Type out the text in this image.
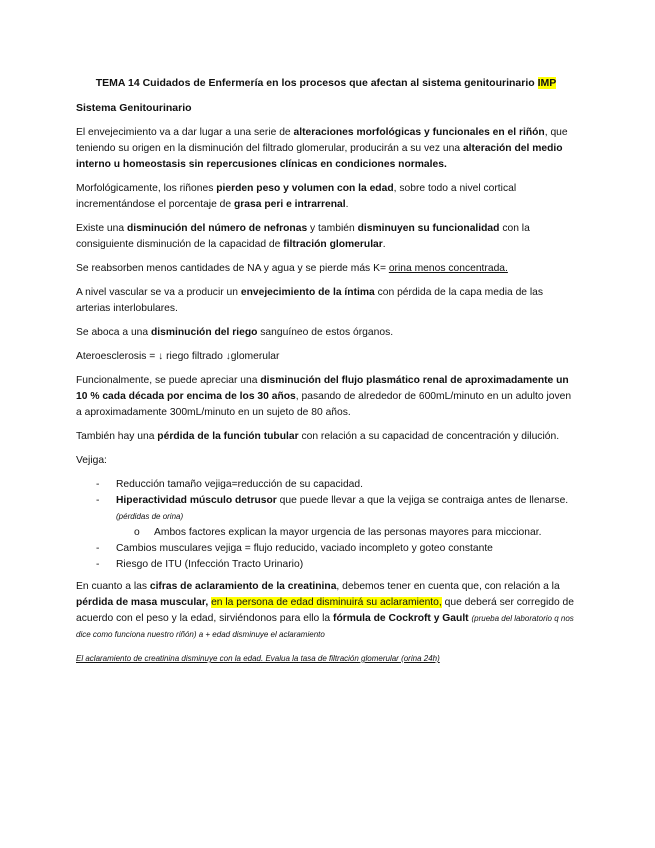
TEMA 14 Cuidados de Enfermería en los procesos que afectan al sistema genitourinario IMP
Sistema Genitourinario

El envejecimiento va a dar lugar a una serie de alteraciones morfológicas y funcionales en el riñón, que teniendo su origen en la disminución del filtrado glomerular, producirán a su vez una alteración del medio interno u homeostasis sin repercusiones clínicas en condiciones normales.

Morfológicamente, los riñones pierden peso y volumen con la edad, sobre todo a nivel cortical incrementándose el porcentaje de grasa peri e intrarrenal.

Existe una disminución del número de nefronas y también disminuyen su funcionalidad con la consiguiente disminución de la capacidad de filtración glomerular.

Se reabsorben menos cantidades de NA y agua y se pierde más K= orina menos concentrada.

A nivel vascular se va a producir un envejecimiento de la íntima con pérdida de la capa media de las arterias interlobulares.

Se aboca a una disminución del riego sanguíneo de estos órganos.

Ateroesclerosis = ↓ riego filtrado ↓glomerular

Funcionalmente, se puede apreciar una disminución del flujo plasmático renal de aproximadamente un 10 % cada década por encima de los 30 años, pasando de alrededor de 600mL/minuto en un adulto joven a aproximadamente 300mL/minuto en un sujeto de 80 años.

También hay una pérdida de la función tubular con relación a su capacidad de concentración y dilución.

Vejiga:

- Reducción tamaño vejiga=reducción de su capacidad.
- Hiperactividad músculo detrusor que puede llevar a que la vejiga se contraiga antes de llenarse. (pérdidas de orina)
o Ambos factores explican la mayor urgencia de las personas mayores para miccionar.
- Cambios musculares vejiga = flujo reducido, vaciado incompleto y goteo constante
- Riesgo de ITU (Infección Tracto Urinario)

En cuanto a las cifras de aclaramiento de la creatinina, debemos tener en cuenta que, con relación a la pérdida de masa muscular, en la persona de edad disminuirá su aclaramiento, que deberá ser corregido de acuerdo con el peso y la edad, sirviéndonos para ello la fórmula de Cockroft y Gault (prueba del laboratorio q nos dice como funciona nuestro riñón) a + edad disminuye el aclaramiento

El aclaramiento de creatinina disminuye con la edad. Evalua la tasa de filtración glomerular (orina 24h)
